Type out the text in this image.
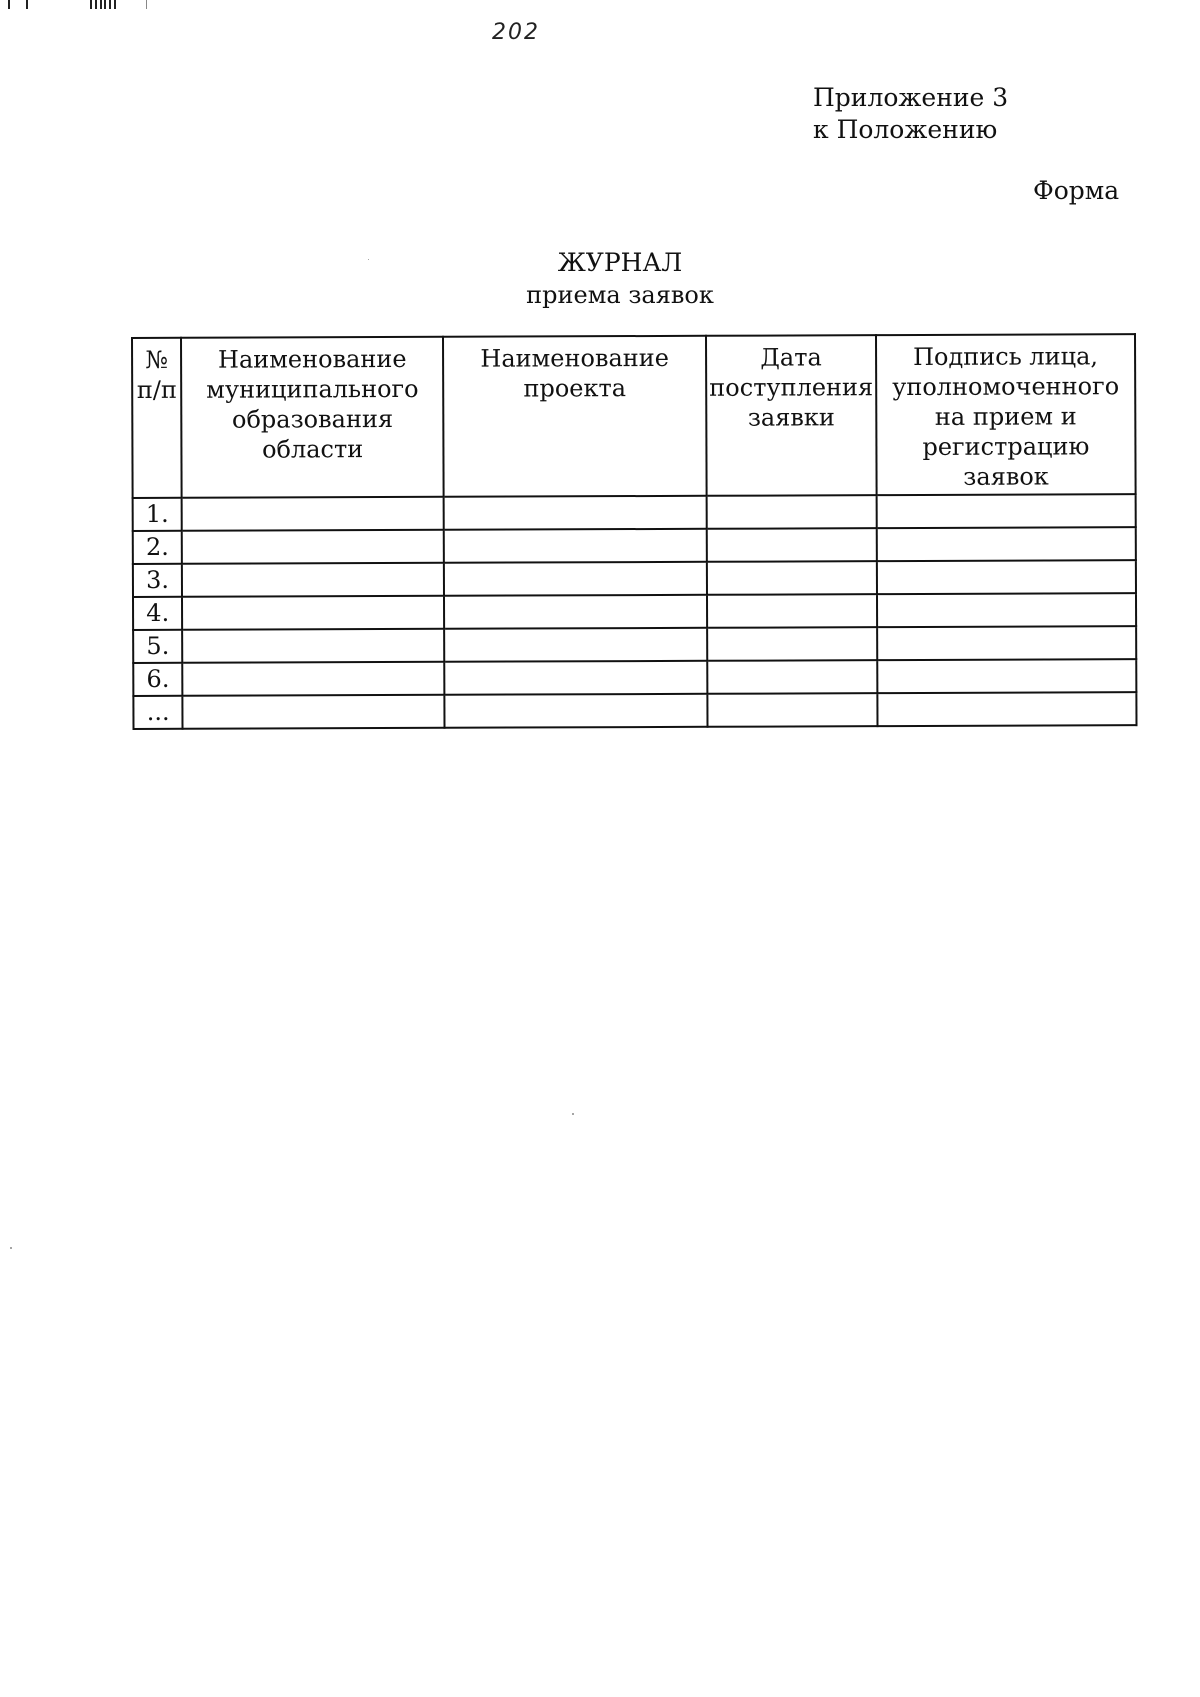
202
Приложение 3
к Положению
Форма
ЖУРНАЛ
приема заявок
№ п/п	Наименование муниципального образования области	Наименование проекта	Дата поступления заявки	Подпись лица, уполномоченного на прием и регистрацию заявок
1.				
2.				
3.				
4.				
5.				
6.				
...				
